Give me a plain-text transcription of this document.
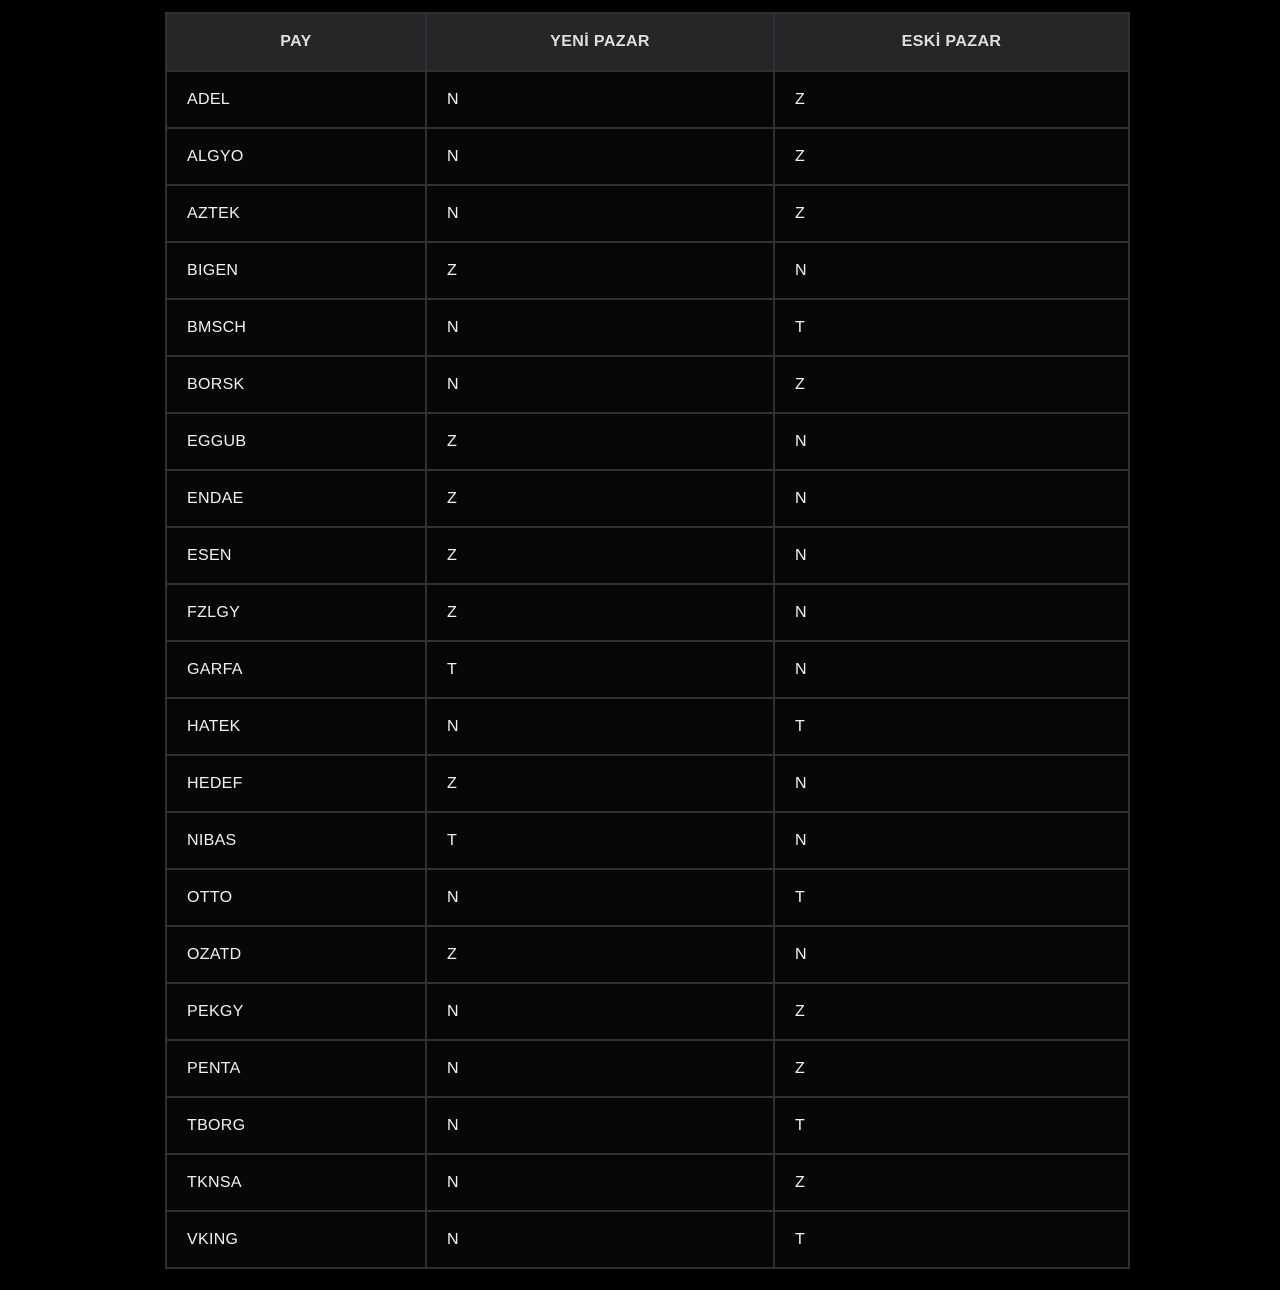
PAY	YENİ PAZAR	ESKİ PAZAR
ADEL	N	Z
ALGYO	N	Z
AZTEK	N	Z
BIGEN	Z	N
BMSCH	N	T
BORSK	N	Z
EGGUB	Z	N
ENDAE	Z	N
ESEN	Z	N
FZLGY	Z	N
GARFA	T	N
HATEK	N	T
HEDEF	Z	N
NIBAS	T	N
OTTO	N	T
OZATD	Z	N
PEKGY	N	Z
PENTA	N	Z
TBORG	N	T
TKNSA	N	Z
VKING	N	T
